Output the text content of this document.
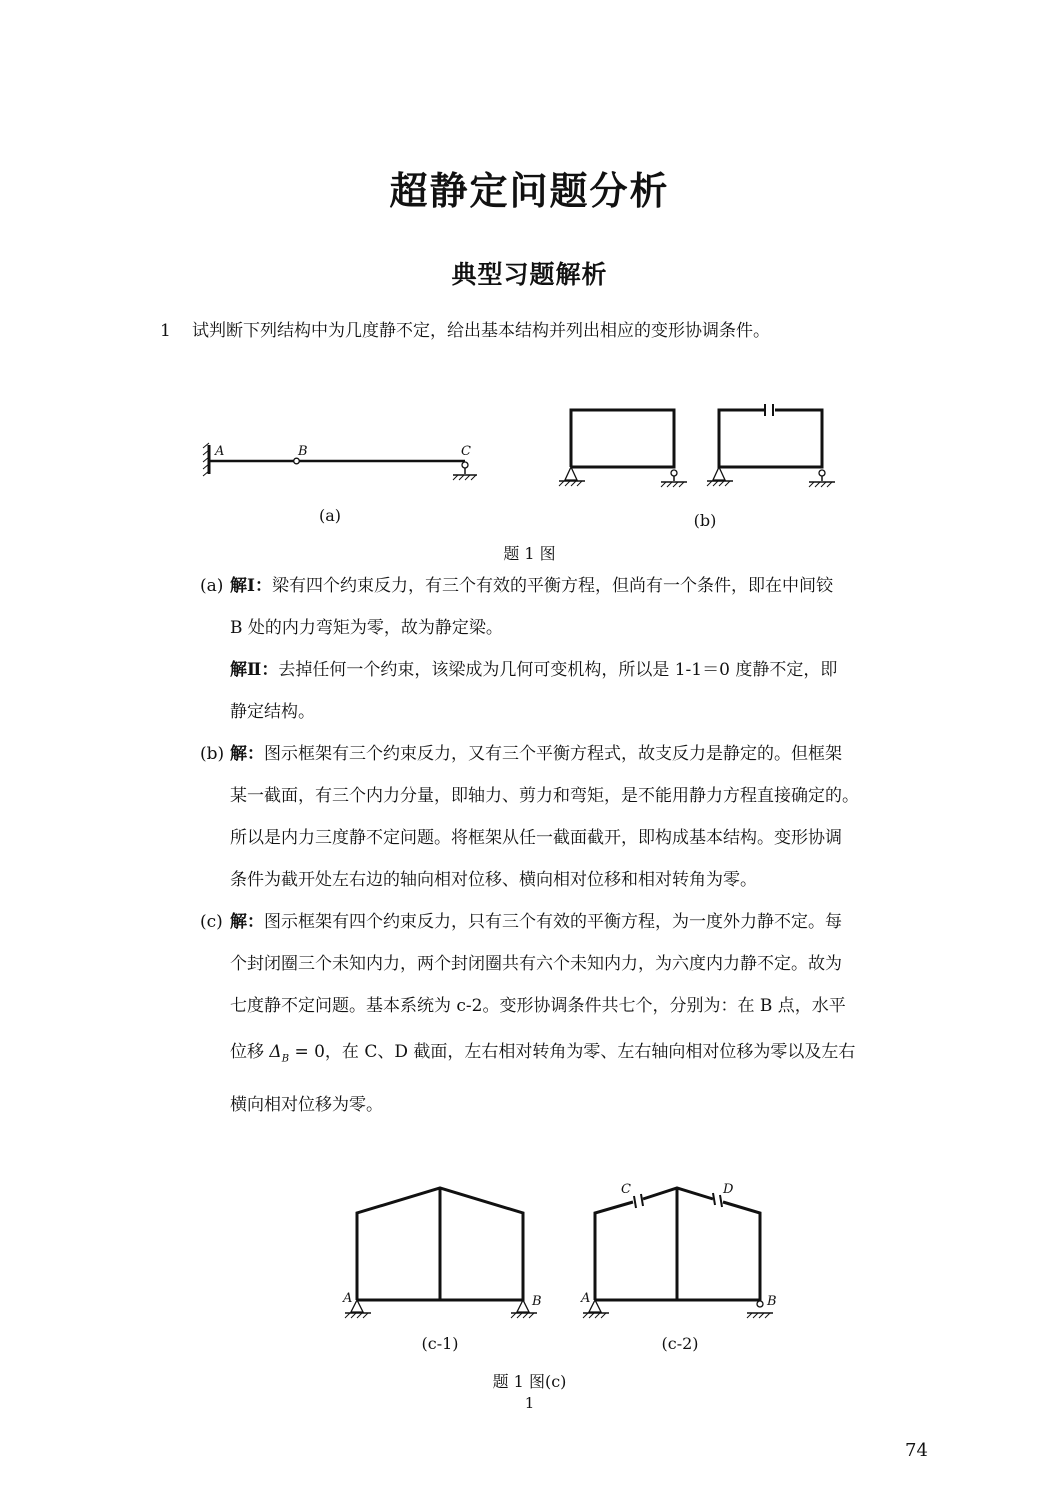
超静定问题分析
典型习题解析
1 试判断下列结构中为几度静不定，给出基本结构并列出相应的变形协调条件。
A	B	C
(a)	(b)
题 1 图
(a) 解Ⅰ：梁有四个约束反力，有三个有效的平衡方程，但尚有一个条件，即在中间铰
B 处的内力弯矩为零，故为静定梁。
解Ⅱ：去掉任何一个约束，该梁成为几何可变机构，所以是 1-1＝0 度静不定，即
静定结构。
(b) 解：图示框架有三个约束反力，又有三个平衡方程式，故支反力是静定的。但框架
某一截面，有三个内力分量，即轴力、剪力和弯矩，是不能用静力方程直接确定的。
所以是内力三度静不定问题。将框架从任一截面截开，即构成基本结构。变形协调
条件为截开处左右边的轴向相对位移、横向相对位移和相对转角为零。
(c) 解：图示框架有四个约束反力，只有三个有效的平衡方程，为一度外力静不定。每
个封闭圈三个未知内力，两个封闭圈共有六个未知内力，为六度内力静不定。故为
七度静不定问题。基本系统为 c-2。变形协调条件共七个，分别为：在 B 点，水平
位移 $\Delta_B = 0$，在 C、D 截面，左右相对转角为零、左右轴向相对位移为零以及左右
横向相对位移为零。
A	B	A	B
C	D
(c-1)	(c-2)
题 1 图(c)
1
74
